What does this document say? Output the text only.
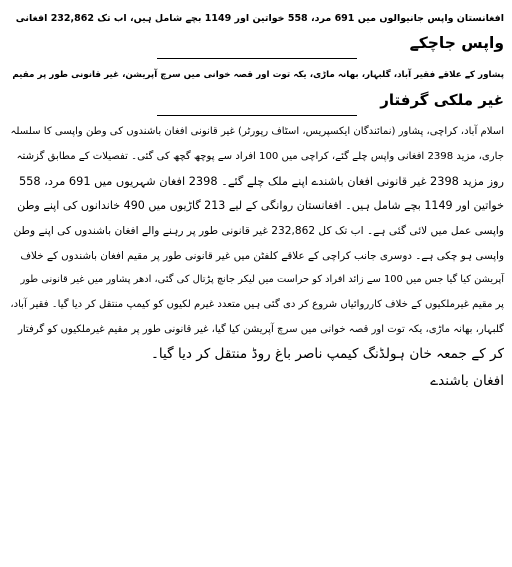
افغانستان واپس جانیوالوں میں 691 مرد، 558 خواتین اور 1149 بچے شامل ہیں، اب تک 232,862 افغانی
واپس جاچکے
پشاور کے علاقے فقیر آباد، گلبہار، بھانہ ماڑی، یکہ توت اور قصہ خوانی میں سرچ آپریشن، غیر قانونی طور پر مقیم
غیر ملکی گرفتار
اسلام آباد، کراچی، پشاور (نمائندگان ایکسپریس، اسٹاف رپورٹر) غیر قانونی افغان باشندوں کی وطن واپسی کا سلسلہ
جاری، مزید 2398 افغانی واپس چلے گئے، کراچی میں 100 افراد سے پوچھ گچھ کی گئی۔ تفصیلات کے مطابق گزشتہ
روز مزید 2398 غیر قانونی افغان باشندے اپنے ملک چلے گئے۔ 2398 افغان شہریوں میں 691 مرد، 558
خواتین اور 1149 بچے شامل ہیں۔ افغانستان روانگی کے لیے 213 گاڑیوں میں 490 خاندانوں کی اپنے وطن
واپسی عمل میں لائی گئی ہے۔ اب تک کل 232,862 غیر قانونی طور پر رہنے والے افغان باشندوں کی اپنے وطن
واپسی ہو چکی ہے۔ دوسری جانب کراچی کے علاقے کلفٹن میں غیر قانونی طور پر مقیم افغان باشندوں کے خلاف
آپریشن کیا گیا جس میں 100 سے زائد افراد کو حراست میں لیکر جانچ پڑتال کی گئی، ادھر پشاور میں غیر قانونی طور
پر مقیم غیرملکیوں کے خلاف کارروائیاں شروع کر دی گئی ہیں متعدد غیرم لکیوں کو کیمپ منتقل کر دیا گیا۔ فقیر آباد،
گلبہار، بھانہ ماڑی، یکہ توت اور قصہ خوانی میں سرچ آپریشن کیا گیا، غیر قانونی طور پر مقیم غیرملکیوں کو گرفتار
کر کے جمعہ خان ہولڈنگ کیمپ ناصر باغ روڈ منتقل کر دیا گیا۔
افغان باشندے
